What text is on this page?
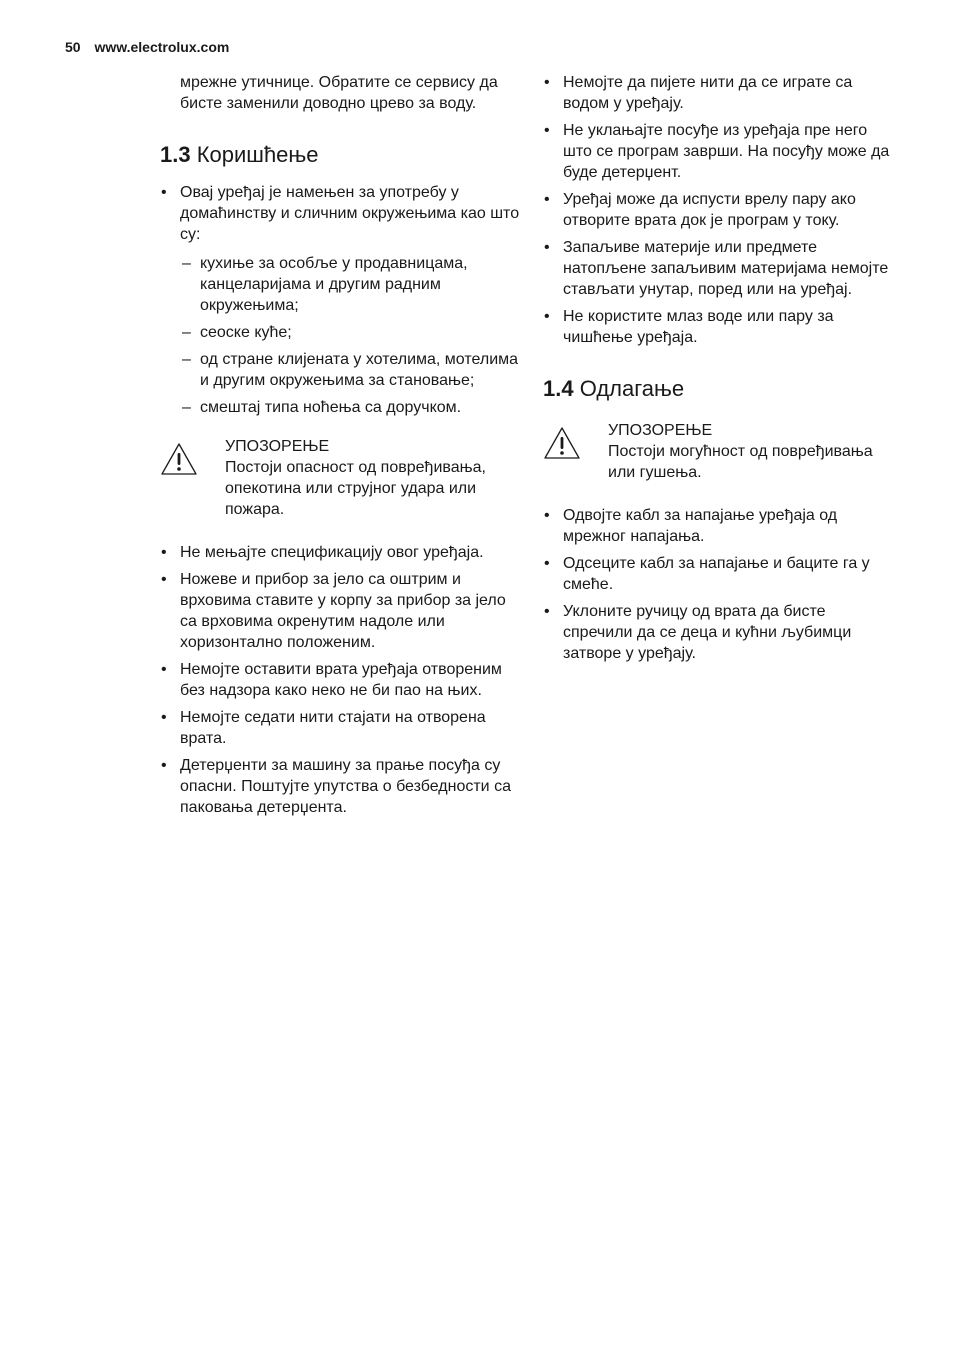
50 www.electrolux.com

мрежне утичнице. Обратите се сервису да бисте заменили доводно црево за воду.

1.3 Коришћење
• Овај уређај је намењен за употребу у домаћинству и сличним окружењима као што су:
– кухиње за особље у продавницама, канцеларијама и другим радним окружењима;
– сеоске куће;
– од стране клијената у хотелима, мотелима и другим окружењима за становање;
– смештај типа ноћења са доручком.
УПОЗОРЕЊЕ
Постоји опасност од повређивања, опекотина или струјног удара или пожара.
• Не мењајте спецификацију овог уређаја.
• Ножеве и прибор за јело са оштрим и врховима ставите у корпу за прибор за јело са врховима окренутим надоле или хоризонтално положеним.
• Немојте оставити врата уређаја отвореним без надзора како неко не би пао на њих.
• Немојте седати нити стајати на отворена врата.
• Детерџенти за машину за прање посуђа су опасни. Поштујте упутства о безбедности са паковања детерџента.
• Немојте да пијете нити да се играте са водом у уређају.
• Не уклањајте посуђе из уређаја пре него што се програм заврши. На посуђу може да буде детерџент.
• Уређај може да испусти врелу пару ако отворите врата док је програм у току.
• Запаљиве материје или предмете натопљене запаљивим материјама немојте стављати унутар, поред или на уређај.
• Не користите млаз воде или пару за чишћење уређаја.
1.4 Одлагање
УПОЗОРЕЊЕ
Постоји могућност од повређивања или гушења.
• Одвојте кабл за напајање уређаја од мрежног напајања.
• Одсеците кабл за напајање и баците га у смеће.
• Уклоните ручицу од врата да бисте спречили да се деца и кућни љубимци затворе у уређају.
